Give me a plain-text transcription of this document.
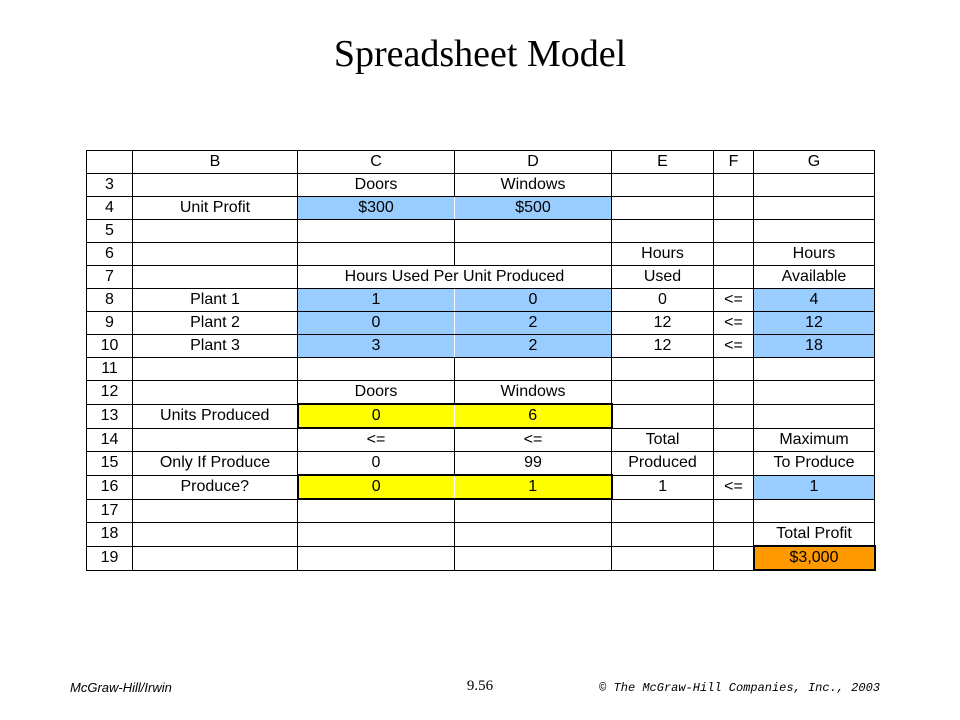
Spreadsheet Model
	B	C	D	E	F	G
3		Doors	Windows			
4	Unit Profit	$300	$500			
5						
6				Hours		Hours
7		Hours Used Per Unit Produced		Used		Available
8	Plant 1	1	0	0	<=	4
9	Plant 2	0	2	12	<=	12
10	Plant 3	3	2	12	<=	18
11						
12		Doors	Windows			
13	Units Produced	0	6			
14		<=	<=	Total		Maximum
15	Only If Produce	0	99	Produced		To Produce
16	Produce?	0	1	1	<=	1
17						
18						Total Profit
19						$3,000
McGraw-Hill/Irwin	9.56	© The McGraw-Hill Companies, Inc., 2003
